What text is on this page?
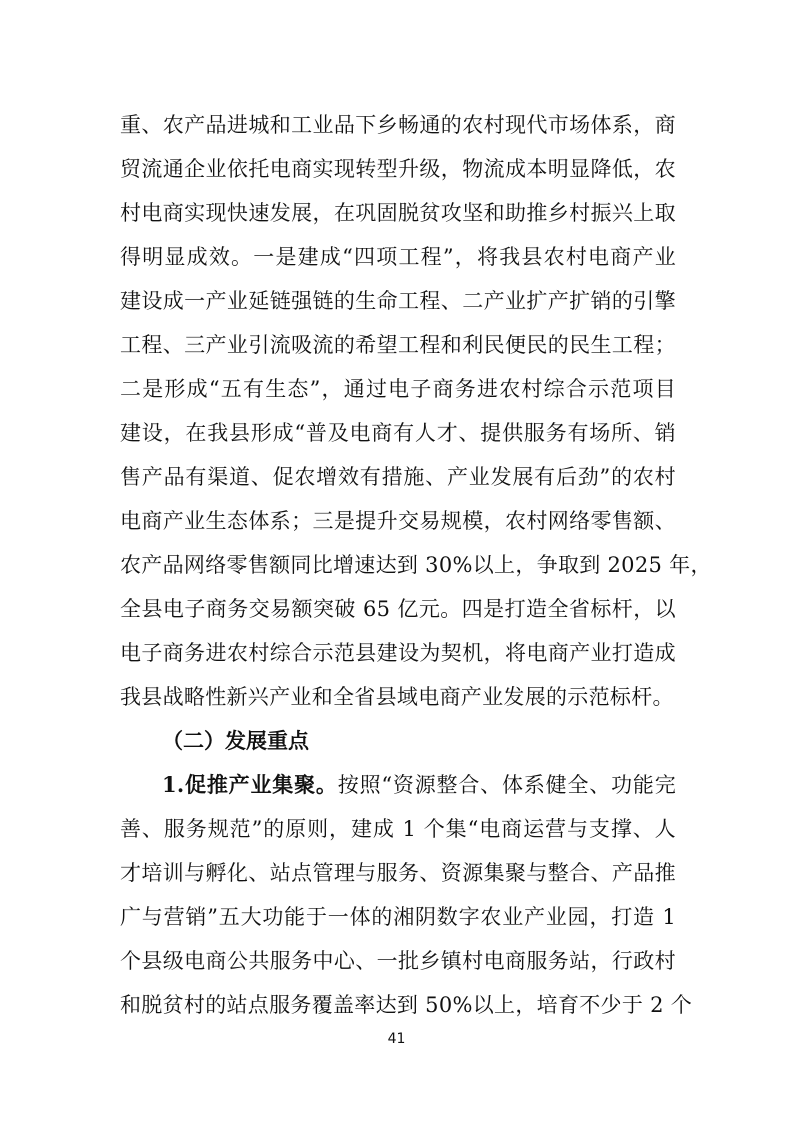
重、农产品进城和工业品下乡畅通的农村现代市场体系，商
贸流通企业依托电商实现转型升级，物流成本明显降低，农
村电商实现快速发展，在巩固脱贫攻坚和助推乡村振兴上取
得明显成效。一是建成“四项工程”，将我县农村电商产业
建设成一产业延链强链的生命工程、二产业扩产扩销的引擎
工程、三产业引流吸流的希望工程和利民便民的民生工程；
二是形成“五有生态”，通过电子商务进农村综合示范项目
建设，在我县形成“普及电商有人才、提供服务有场所、销
售产品有渠道、促农增效有措施、产业发展有后劲”的农村
电商产业生态体系；三是提升交易规模，农村网络零售额、
农产品网络零售额同比增速达到 30%以上，争取到 2025 年，
全县电子商务交易额突破 65 亿元。四是打造全省标杆，以
电子商务进农村综合示范县建设为契机，将电商产业打造成
我县战略性新兴产业和全省县域电商产业发展的示范标杆。
（二）发展重点
1.促推产业集聚。按照“资源整合、体系健全、功能完
善、服务规范”的原则，建成 1 个集“电商运营与支撑、人
才培训与孵化、站点管理与服务、资源集聚与整合、产品推
广与营销”五大功能于一体的湘阴数字农业产业园，打造 1
个县级电商公共服务中心、一批乡镇村电商服务站，行政村
和脱贫村的站点服务覆盖率达到 50%以上，培育不少于 2 个
41
